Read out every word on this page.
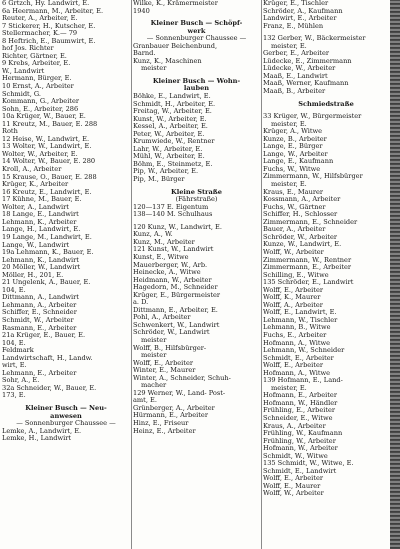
6 Grtzch, Hy. Landwirt, E.
6a Heermann, M., Arbeiter, E.
Reuter, A., Arbeiter, E.
7 Stickerer, H., Kutscher, E.
Stellermacher, K.— 79
8 Heftrich, E., Baumwirt, E.
hof Jos. Richter
Richter, Gärtner, E.
9 Krebs, Arbeiter, E.
W., Landwirt
Hermann, Bürger, E.
10 Ernst, A., Arbeiter
Schmidt, G.
Kommann, G., Arbeiter
Sohn, E., Arbeiter, 286
10a Krüger, W., Bauer, E.
11 Kreutz, M., Bauer, E. 288
Roth
12 Heise, W., Landwirt, E.
13 Wolter, W., Landwirt, E.
Wolter, W., Arbeiter, E.
14 Wolter, W., Bauer, E. 280
Kroll, A., Arbeiter
15 Krause, O., Bauer, E. 288
Krüger, K., Arbeiter
16 Kreutz, E., Landwirt, E.
17 Kühne, M., Bauer, E.
Wolter, A., Landwirt
18 Lange, E., Landwirt
Lehmann, K., Arbeiter
Lange, H., Landwirt, E.
19 Lange, M., Landwirt, E.
Lange, W., Landwirt
19a Lehmann, K., Bauer, E.
Lehmann, K., Landwirt
20 Möller, W., Landwirt
Möller, H., 201, E.
21 Ungelenk, A., Bauer, E.
104, E.
Dittmann, A., Landwirt
Lehmann, A., Arbeiter
Schiffer, E., Schneider
Schmidt, W., Arbeiter
Rasmann, E., Arbeiter
21a Krüger, E., Bauer, E.
104, E.
Feldmark
Landwirtschaft, H., Landw.
wirt, E.
Lehmann, E., Arbeiter
Sohr, A., E.
32a Schneider, W., Bauer, E.
173, E.
Kleiner Busch — Neu-
anwesen
— Sonnenburger Chaussee —
Lemke, A., Landwirt, E.
Lemke, H., Landwirt
Wilke, K., Krämermeister
1940
Kleiner Busch — Schöpf-
werk
— Sonnenburger Chaussee —
Granbauer Beichenbund,
Barnd.
Kunz, K., Maschinen
meister
Kleiner Busch — Wohn-
lauben
Böhke, E., Landwirt, E.
Schmidt, H., Arbeiter, E.
Freitag, W., Arbeiter, E.
Kunst, W., Arbeiter, E.
Kessel, A., Arbeiter, E.
Peter, W., Arbeiter, E.
Krumwiede, W., Rentner
Lahr, W., Arbeiter, E.
Mühl, W., Arbeiter, E.
Böhm, E., Steinmetz, E.
Pip, W., Arbeiter, E.
Pip, M., Bürger
Kleine Straße
(Fährstraße)
120—137 E. Eigentum
138—140 M. Schulhaus
120 Kunz, W., Landwirt, E.
Kunz, A., W.
Kunz, M., Arbeiter
121 Kunst, W., Landwirt
Kunst, E., Witwe
Mauerberger, W., Arb.
Heinecke, A., Witwe
Heidmann, W., Arbeiter
Hagedorn, M., Schneider
Krüger, E., Bürgermeister
a. D.
Dittmann, E., Arbeiter, E.
Pohl, A., Arbeiter
Schwenkert, W., Landwirt
Schröder, W., Landwirt
meister
Wolff, B., Hilfsbürger-
meister
Wolff, E., Arbeiter
Winter, E., Maurer
Winter, A., Schneider, Schuh-
macher
129 Werner, W., Land- Post-
amt, E.
Grünberger, A., Arbeiter
Hürmann, E., Arbeiter
Hinz, E., Friseur
Heinz, E., Arbeiter
Krüger, E., Tischler
Schröder, A., Kaufmann
Landwirt, E., Arbeiter
Franz, E., Mühlen
132 Gerber, W., Bäckermeister
meister, E.
Gerber, E., Arbeiter
Lüdecke, E., Zimmermann
Lüdecke, W., Arbeiter
Maaß, E., Landwirt
Maaß, Werner, Kaufmann
Maaß, B., Arbeiter
Schmiedstraße
33 Krüger, W., Bürgermeister
meister, E.
Krüger, A., Witwe
Kunze, B., Arbeiter
Lange, E., Bürger
Lange, W., Arbeiter
Lange, E., Kaufmann
Fuchs, W., Witwe
Zimmermann, W., Hilfsbürger
meister, E.
Kraus, E., Maurer
Kossmann, A., Arbeiter
Fuchs, W., Gärtner
Schiffer, H., Schlosser
Zimmermann, E., Schneider
Bauer, A., Arbeiter
Schröder, W., Arbeiter
Kunze, W., Landwirt, E.
Wolff, W., Arbeiter
Zimmermann, W., Rentner
Zimmermann, E., Arbeiter
Schilling, E., Witwe
135 Schröder, E., Landwirt
Wolff, E., Arbeiter
Wolff, K., Maurer
Wolff, A., Arbeiter
Wolff, E., Landwirt, E.
Lehmann, W., Tischler
Lehmann, B., Witwe
Fuchs, E., Arbeiter
Hofmann, A., Witwe
Lehmann, W., Schneider
Schmidt, E., Arbeiter
Wolff, E., Arbeiter
Hofmann, A., Witwe
139 Hofmann, E., Land-
meister, E.
Hofmann, E., Arbeiter
Hofmann, W., Händler
Frühling, E., Arbeiter
Schneider, E., Witwe
Kraus, A., Arbeiter
Frühling, W., Kaufmann
Frühling, W., Arbeiter
Hofmann, W., Arbeiter
Schmidt, W., Witwe
135 Schmidt, W., Witwe, E.
Schmidt, E., Landwirt
Wolff, E., Arbeiter
Wolff, E., Maurer
Wolff, W., Arbeiter
